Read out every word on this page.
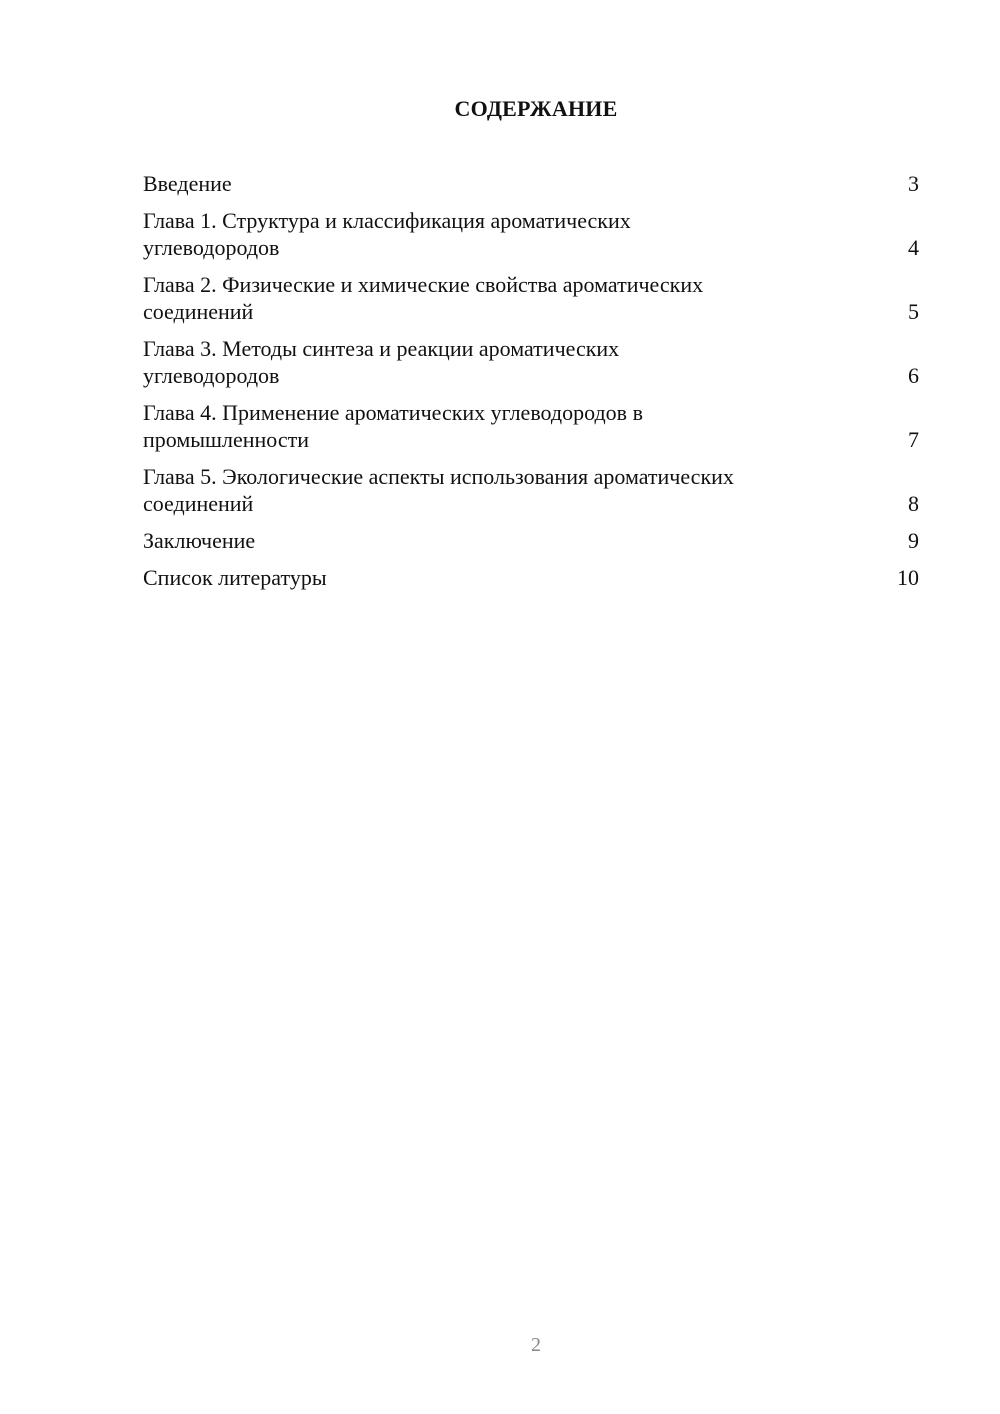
СОДЕРЖАНИЕ
Введение	3
Глава 1. Структура и классификация ароматических
углеводородов	4
Глава 2. Физические и химические свойства ароматических
соединений	5
Глава 3. Методы синтеза и реакции ароматических
углеводородов	6
Глава 4. Применение ароматических углеводородов в
промышленности	7
Глава 5. Экологические аспекты использования ароматических
соединений	8
Заключение	9
Список литературы	10
2
